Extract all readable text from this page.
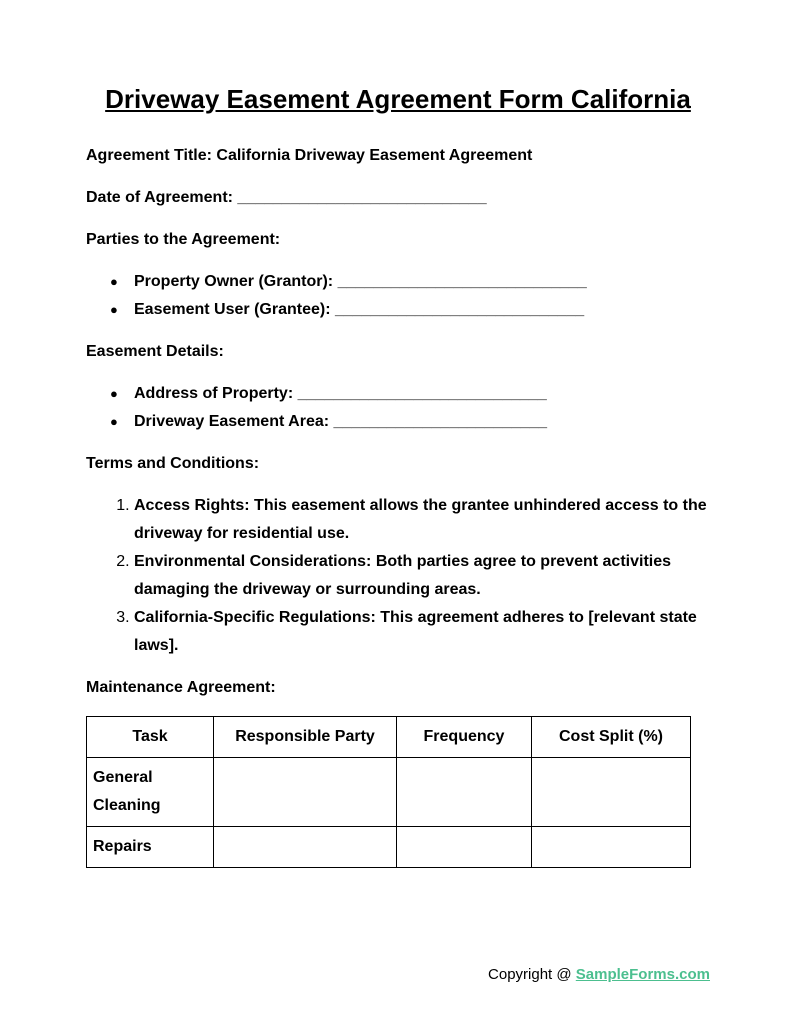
Driveway Easement Agreement Form California

Agreement Title: California Driveway Easement Agreement

Date of Agreement: ____________________________

Parties to the Agreement:

● Property Owner (Grantor): ____________________________
● Easement User (Grantee): ____________________________

Easement Details:

● Address of Property: ____________________________
● Driveway Easement Area: ________________________

Terms and Conditions:

1. Access Rights: This easement allows the grantee unhindered access to the driveway for residential use.
2. Environmental Considerations: Both parties agree to prevent activities damaging the driveway or surrounding areas.
3. California-Specific Regulations: This agreement adheres to [relevant state laws].

Maintenance Agreement:

Task	Responsible Party	Frequency	Cost Split (%)
General Cleaning			
Repairs			
Copyright @ SampleForms.com
